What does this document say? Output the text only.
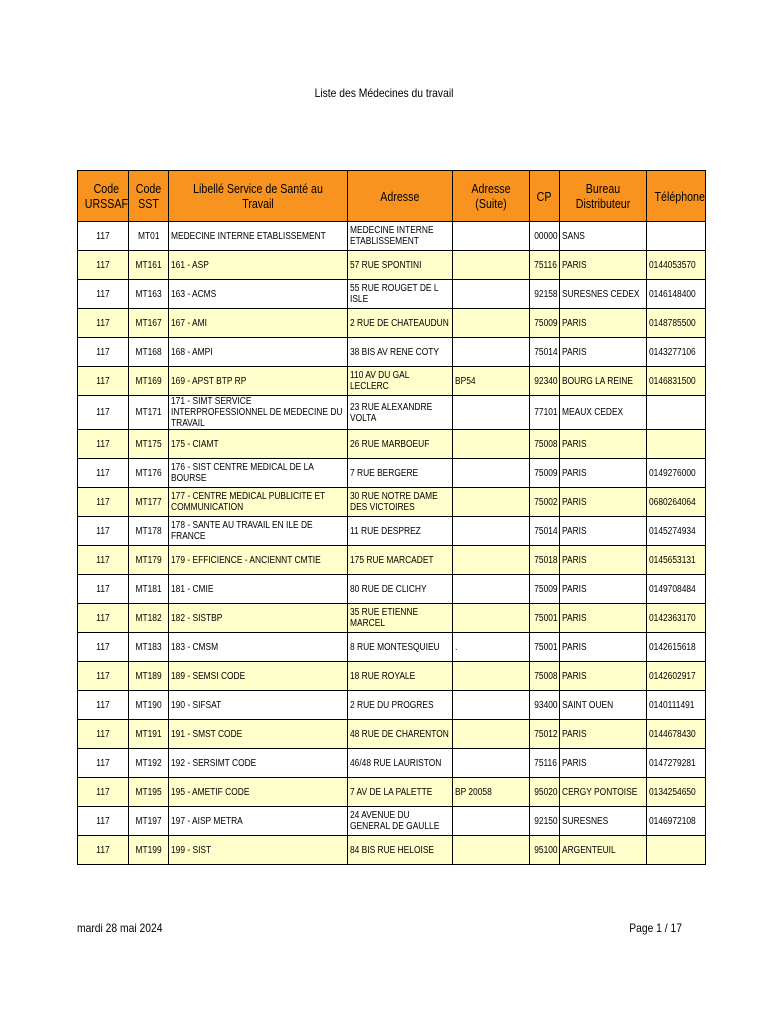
Liste des Médecines du travail
Code URSSAF	Code SST	Libellé Service de Santé au Travail	Adresse	Adresse (Suite)	CP	Bureau Distributeur	Téléphone
117	MT01	MEDECINE INTERNE ETABLISSEMENT	MEDECINE INTERNE ETABLISSEMENT		00000	SANS	
117	MT161	161 - ASP	57 RUE SPONTINI		75116	PARIS	0144053570
117	MT163	163 - ACMS	55 RUE ROUGET DE L ISLE		92158	SURESNES CEDEX	0146148400
117	MT167	167 - AMI	2 RUE DE CHATEAUDUN		75009	PARIS	0148785500
117	MT168	168 - AMPI	38 BIS AV RENE COTY		75014	PARIS	0143277106
117	MT169	169 - APST BTP RP	110 AV DU GAL LECLERC	BP54	92340	BOURG LA REINE	0146831500
117	MT171	171 - SIMT SERVICE INTERPROFESSIONNEL DE MEDECINE DU TRAVAIL	23 RUE ALEXANDRE VOLTA		77101	MEAUX CEDEX	
117	MT175	175 - CIAMT	26 RUE MARBOEUF		75008	PARIS	
117	MT176	176 - SIST CENTRE MEDICAL DE LA BOURSE	7 RUE BERGERE		75009	PARIS	0149276000
117	MT177	177 - CENTRE MEDICAL PUBLICITE ET COMMUNICATION	30 RUE NOTRE DAME DES VICTOIRES		75002	PARIS	0680264064
117	MT178	178 - SANTE AU TRAVAIL EN ILE DE FRANCE	11 RUE DESPREZ		75014	PARIS	0145274934
117	MT179	179 - EFFICIENCE - ANCIENNT CMTIE	175 RUE MARCADET		75018	PARIS	0145653131
117	MT181	181 - CMIE	80 RUE DE CLICHY		75009	PARIS	0149708484
117	MT182	182 - SISTBP	35 RUE ETIENNE MARCEL		75001	PARIS	0142363170
117	MT183	183 - CMSM	8 RUE MONTESQUIEU	.	75001	PARIS	0142615618
117	MT189	189 - SEMSI CODE	18 RUE ROYALE		75008	PARIS	0142602917
117	MT190	190 - SIFSAT	2 RUE DU PROGRES		93400	SAINT OUEN	0140111491
117	MT191	191 - SMST CODE	48 RUE DE CHARENTON		75012	PARIS	0144678430
117	MT192	192 - SERSIMT CODE	46/48 RUE LAURISTON		75116	PARIS	0147279281
117	MT195	195 - AMETIF CODE	7 AV DE LA PALETTE	BP 20058	95020	CERGY PONTOISE	0134254650
117	MT197	197 - AISP METRA	24 AVENUE DU GENERAL DE GAULLE		92150	SURESNES	0146972108
117	MT199	199 - SIST	84 BIS RUE HELOISE		95100	ARGENTEUIL	
mardi 28 mai 2024	Page 1 / 17
